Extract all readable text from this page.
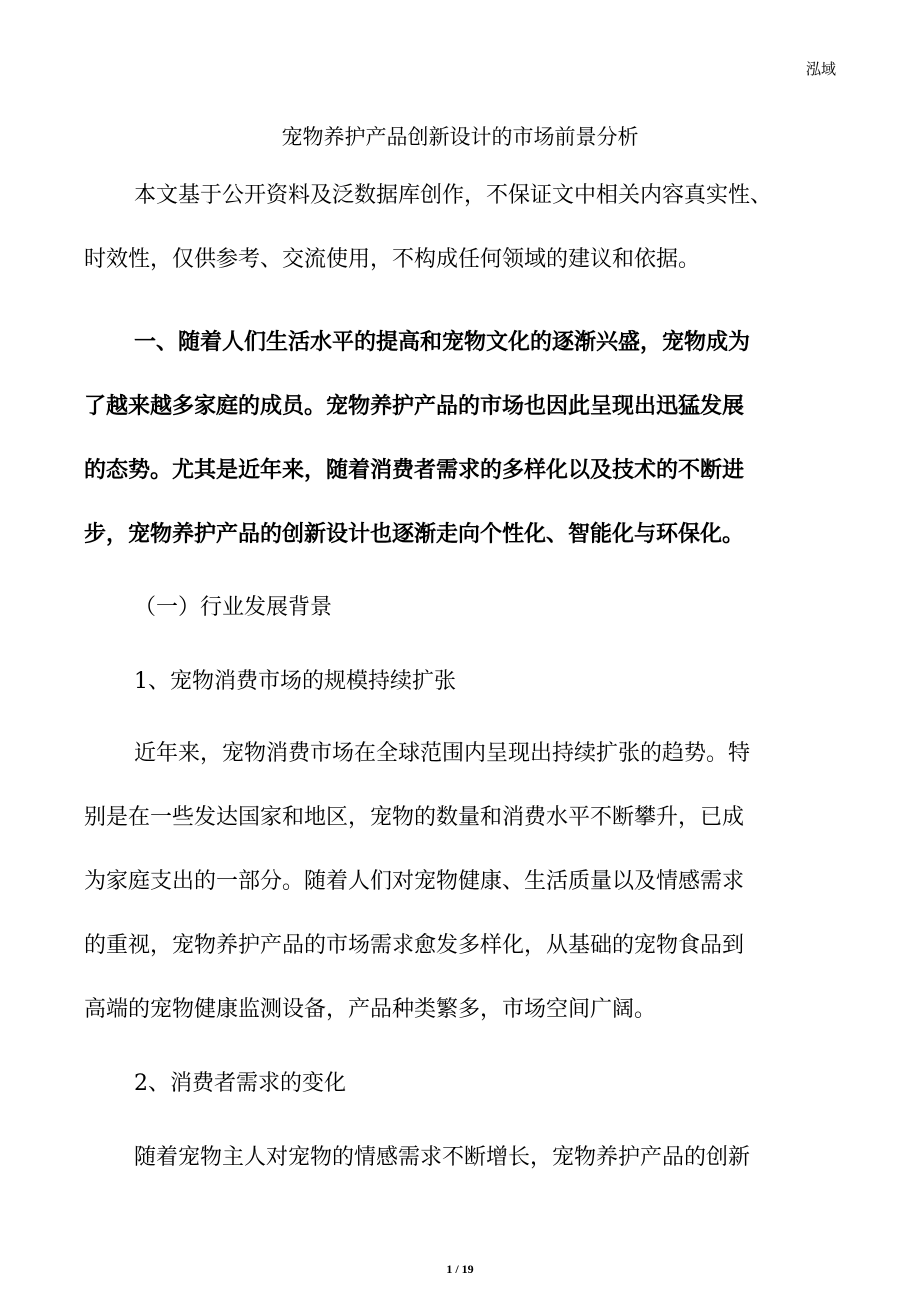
泓域
宠物养护产品创新设计的市场前景分析
本文基于公开资料及泛数据库创作，不保证文中相关内容真实性、
时效性，仅供参考、交流使用，不构成任何领域的建议和依据。
一、随着人们生活水平的提高和宠物文化的逐渐兴盛，宠物成为
了越来越多家庭的成员。宠物养护产品的市场也因此呈现出迅猛发展
的态势。尤其是近年来，随着消费者需求的多样化以及技术的不断进
步，宠物养护产品的创新设计也逐渐走向个性化、智能化与环保化。
（一）行业发展背景
1、宠物消费市场的规模持续扩张
近年来，宠物消费市场在全球范围内呈现出持续扩张的趋势。特
别是在一些发达国家和地区，宠物的数量和消费水平不断攀升，已成
为家庭支出的一部分。随着人们对宠物健康、生活质量以及情感需求
的重视，宠物养护产品的市场需求愈发多样化，从基础的宠物食品到
高端的宠物健康监测设备，产品种类繁多，市场空间广阔。
2、消费者需求的变化
随着宠物主人对宠物的情感需求不断增长，宠物养护产品的创新
1 / 19
